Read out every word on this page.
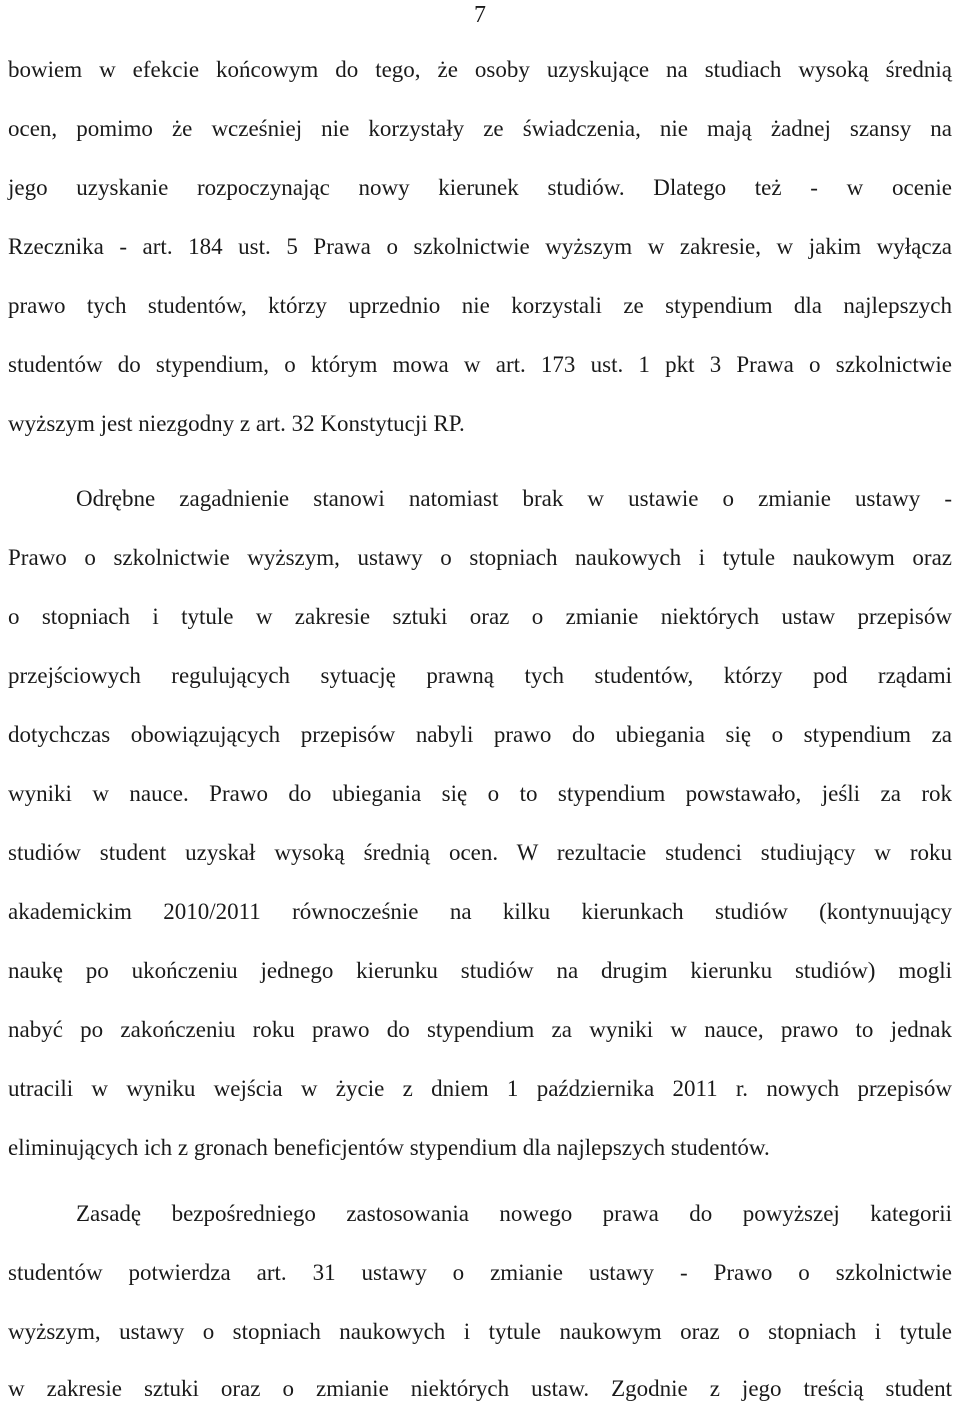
7
bowiem w efekcie końcowym do tego, że osoby uzyskujące na studiach wysoką średnią
ocen, pomimo że wcześniej nie korzystały ze świadczenia, nie mają żadnej szansy na
jego uzyskanie rozpoczynając nowy kierunek studiów. Dlatego też - w ocenie
Rzecznika - art. 184 ust. 5 Prawa o szkolnictwie wyższym w zakresie, w jakim wyłącza
prawo tych studentów, którzy uprzednio nie korzystali ze stypendium dla najlepszych
studentów do stypendium, o którym mowa w art. 173 ust. 1 pkt 3 Prawa o szkolnictwie
wyższym jest niezgodny z art. 32 Konstytucji RP.
Odrębne zagadnienie stanowi natomiast brak w ustawie o zmianie ustawy -
Prawo o szkolnictwie wyższym, ustawy o stopniach naukowych i tytule naukowym oraz
o stopniach i tytule w zakresie sztuki oraz o zmianie niektórych ustaw przepisów
przejściowych regulujących sytuację prawną tych studentów, którzy pod rządami
dotychczas obowiązujących przepisów nabyli prawo do ubiegania się o stypendium za
wyniki w nauce. Prawo do ubiegania się o to stypendium powstawało, jeśli za rok
studiów student uzyskał wysoką średnią ocen. W rezultacie studenci studiujący w roku
akademickim 2010/2011 równocześnie na kilku kierunkach studiów (kontynuujący
naukę po ukończeniu jednego kierunku studiów na drugim kierunku studiów) mogli
nabyć po zakończeniu roku prawo do stypendium za wyniki w nauce, prawo to jednak
utracili w wyniku wejścia w życie z dniem 1 października 2011 r. nowych przepisów
eliminujących ich z gronach beneficjentów stypendium dla najlepszych studentów.
Zasadę bezpośredniego zastosowania nowego prawa do powyższej kategorii
studentów potwierdza art. 31 ustawy o zmianie ustawy - Prawo o szkolnictwie
wyższym, ustawy o stopniach naukowych i tytule naukowym oraz o stopniach i tytule
w zakresie sztuki oraz o zmianie niektórych ustaw. Zgodnie z jego treścią student
